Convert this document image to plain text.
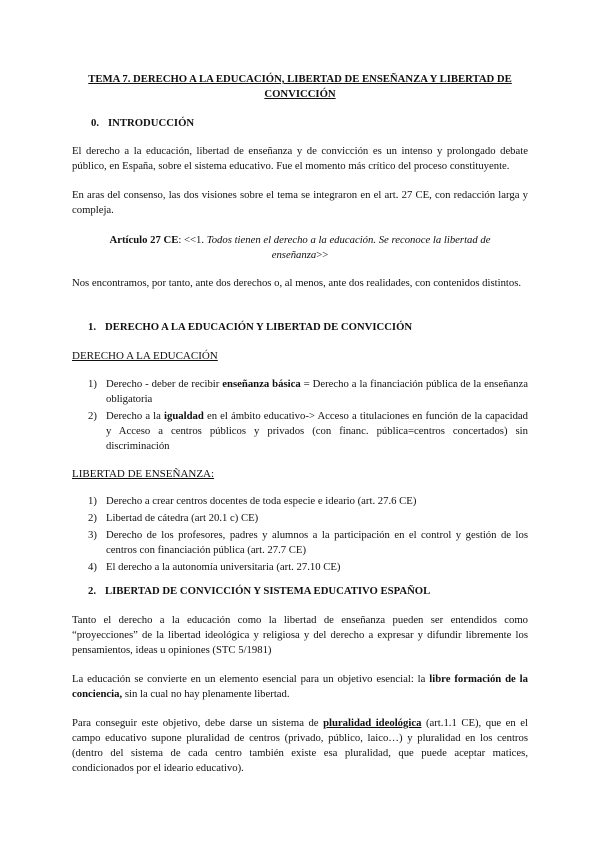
TEMA 7. DERECHO A LA EDUCACIÓN, LIBERTAD DE ENSEÑANZA Y LIBERTAD DE CONVICCIÓN
0. INTRODUCCIÓN
El derecho a la educación, libertad de enseñanza y de convicción es un intenso y prolongado debate público, en España, sobre el sistema educativo. Fue el momento más crítico del proceso constituyente.
En aras del consenso, las dos visiones sobre el tema se integraron en el art. 27 CE, con redacción larga y compleja.
Artículo 27 CE: <<1. Todos tienen el derecho a la educación. Se reconoce la libertad de enseñanza>>
Nos encontramos, por tanto, ante dos derechos o, al menos, ante dos realidades, con contenidos distintos.
1. DERECHO A LA EDUCACIÓN Y LIBERTAD DE CONVICCIÓN
DERECHO A LA EDUCACIÓN
1) Derecho - deber de recibir enseñanza básica = Derecho a la financiación pública de la enseñanza obligatoria
2) Derecho a la igualdad en el ámbito educativo-> Acceso a titulaciones en función de la capacidad y Acceso a centros públicos y privados (con financ. pública=centros concertados) sin discriminación
LIBERTAD DE ENSEÑANZA:
1) Derecho a crear centros docentes de toda especie e ideario (art. 27.6 CE)
2) Libertad de cátedra (art 20.1 c) CE)
3) Derecho de los profesores, padres y alumnos a la participación en el control y gestión de los centros con financiación pública (art. 27.7 CE)
4) El derecho a la autonomía universitaria (art. 27.10 CE)
2. LIBERTAD DE CONVICCIÓN Y SISTEMA EDUCATIVO ESPAÑOL
Tanto el derecho a la educación como la libertad de enseñanza pueden ser entendidos como “proyecciones” de la libertad ideológica y religiosa y del derecho a expresar y difundir libremente los pensamientos, ideas u opiniones (STC 5/1981)
La educación se convierte en un elemento esencial para un objetivo esencial: la libre formación de la conciencia, sin la cual no hay plenamente libertad.
Para conseguir este objetivo, debe darse un sistema de pluralidad ideológica (art.1.1 CE), que en el campo educativo supone pluralidad de centros (privado, público, laico…) y pluralidad en los centros (dentro del sistema de cada centro también existe esa pluralidad, que puede aceptar matices, condicionados por el ideario educativo).
